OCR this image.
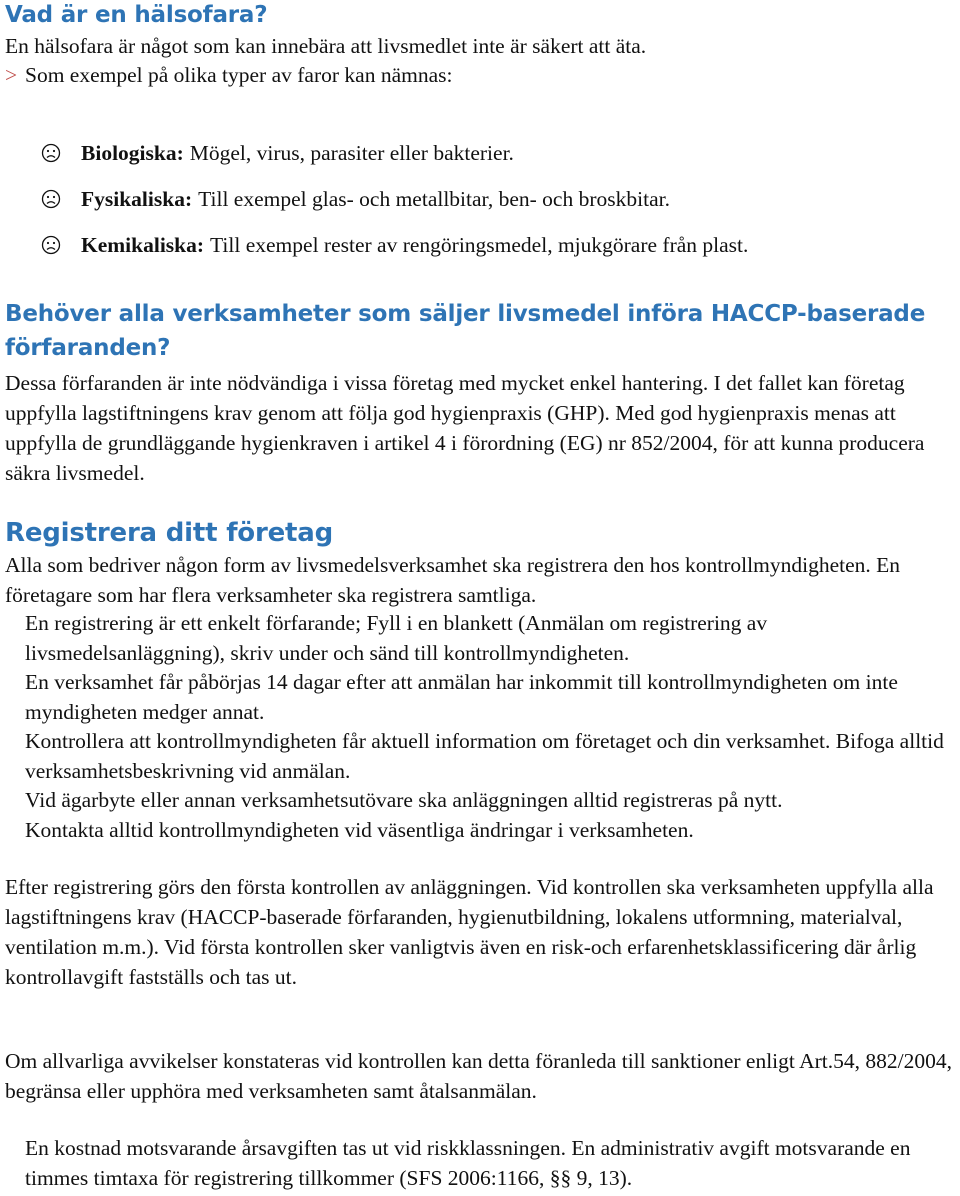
Vad är en hälsofara?

En hälsofara är något som kan innebära att livsmedlet inte är säkert att äta.

> Som exempel på olika typer av faror kan nämnas:

Biologiska: Mögel, virus, parasiter eller bakterier.
Fysikaliska: Till exempel glas- och metallbitar, ben- och broskbitar.
Kemikaliska: Till exempel rester av rengöringsmedel, mjukgörare från plast.
Behöver alla verksamheter som säljer livsmedel införa HACCP-baserade förfaranden?

Dessa förfaranden är inte nödvändiga i vissa företag med mycket enkel hantering. I det fallet kan företag uppfylla lagstiftningens krav genom att följa god hygienpraxis (GHP). Med god hygienpraxis menas att uppfylla de grundläggande hygienkraven i artikel 4 i förordning (EG) nr 852/2004, för att kunna producera säkra livsmedel.

Registrera ditt företag

Alla som bedriver någon form av livsmedelsverksamhet ska registrera den hos kontrollmyndigheten. En företagare som har flera verksamheter ska registrera samtliga.

En registrering är ett enkelt förfarande; Fyll i en blankett (Anmälan om registrering av livsmedelsanläggning), skriv under och sänd till kontrollmyndigheten.
En verksamhet får påbörjas 14 dagar efter att anmälan har inkommit till kontrollmyndigheten om inte myndigheten medger annat.
Kontrollera att kontrollmyndigheten får aktuell information om företaget och din verksamhet. Bifoga alltid verksamhetsbeskrivning vid anmälan.
Vid ägarbyte eller annan verksamhetsutövare ska anläggningen alltid registreras på nytt.
Kontakta alltid kontrollmyndigheten vid väsentliga ändringar i verksamheten.

Efter registrering görs den första kontrollen av anläggningen. Vid kontrollen ska verksamheten uppfylla alla lagstiftningens krav (HACCP-baserade förfaranden, hygienutbildning, lokalens utformning, materialval, ventilation m.m.). Vid första kontrollen sker vanligtvis även en risk-och erfarenhetsklassificering där årlig kontrollavgift fastställs och tas ut.

Om allvarliga avvikelser konstateras vid kontrollen kan detta föranleda till sanktioner enligt Art.54, 882/2004, begränsa eller upphöra med verksamheten samt åtalsanmälan.

En kostnad motsvarande årsavgiften tas ut vid riskklassningen. En administrativ avgift motsvarande en timmes timtaxa för registrering tillkommer (SFS 2006:1166, §§ 9, 13).
